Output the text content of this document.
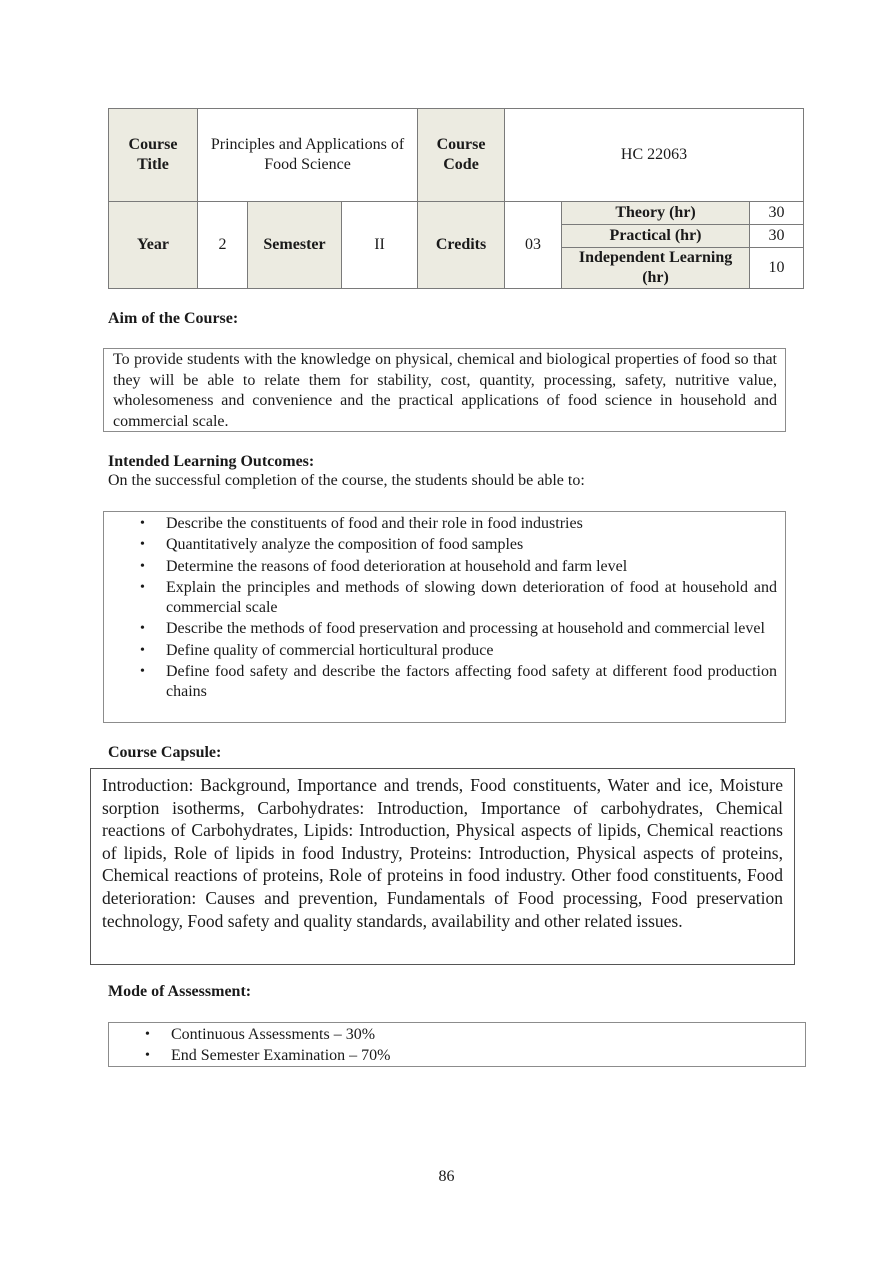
Course Title	Principles and Applications of Food Science			Course Code	HC 22063		
Year	2	Semester	II	Credits	03	Theory (hr)	30
						Practical (hr)	30
						Independent Learning (hr)	10
Aim of the Course:
To provide students with the knowledge on physical, chemical and biological properties of food so that they will be able to relate them for stability, cost, quantity, processing, safety, nutritive value, wholesomeness and convenience and the practical applications of food science in household and commercial scale.
Intended Learning Outcomes:
On the successful completion of the course, the students should be able to:
• Describe the constituents of food and their role in food industries
• Quantitatively analyze the composition of food samples
• Determine the reasons of food deterioration at household and farm level
• Explain the principles and methods of slowing down deterioration of food at household and commercial scale
• Describe the methods of food preservation and processing at household and commercial level
• Define quality of commercial horticultural produce
• Define food safety and describe the factors affecting food safety at different food production chains
Course Capsule:
Introduction: Background, Importance and trends, Food constituents, Water and ice, Moisture sorption isotherms, Carbohydrates: Introduction, Importance of carbohydrates, Chemical reactions of Carbohydrates, Lipids: Introduction, Physical aspects of lipids, Chemical reactions of lipids, Role of lipids in food Industry, Proteins: Introduction, Physical aspects of proteins, Chemical reactions of proteins, Role of proteins in food industry. Other food constituents, Food deterioration: Causes and prevention, Fundamentals of Food processing, Food preservation technology, Food safety and quality standards, availability and other related issues.
Mode of Assessment:
• Continuous Assessments – 30%
• End Semester Examination – 70%
86
